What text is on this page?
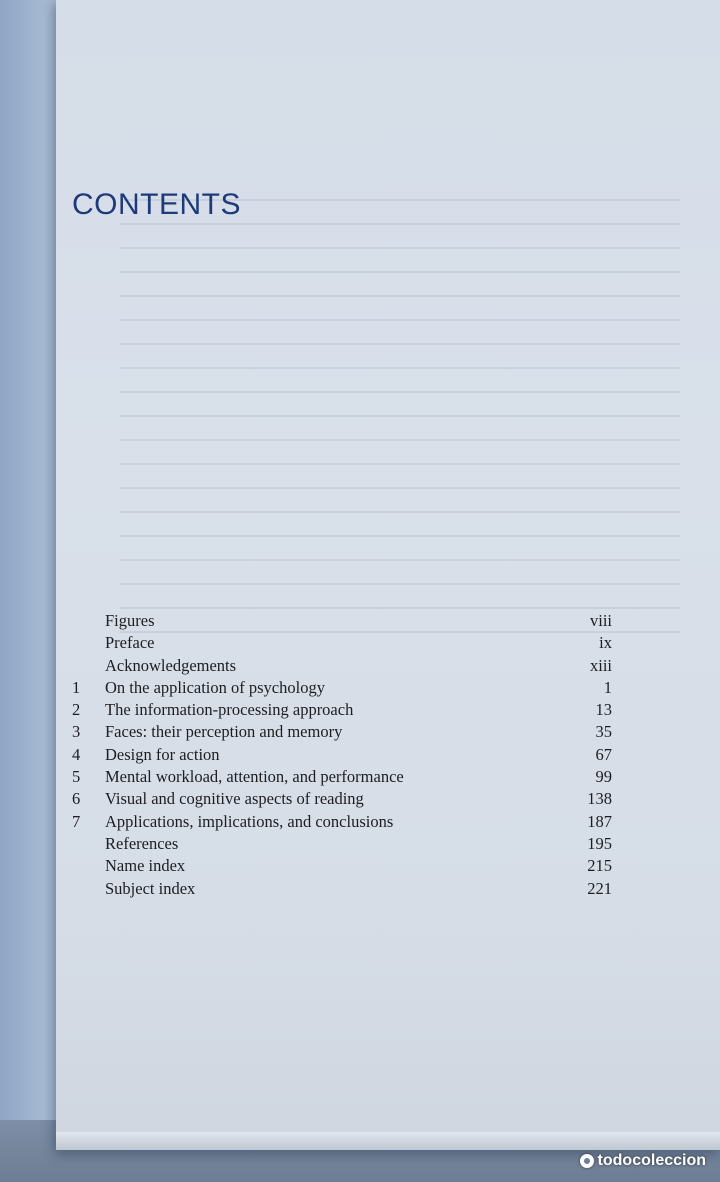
CONTENTS
Figures	viii
Preface	ix
Acknowledgements	xiii
1	On the application of psychology	1
2	The information-processing approach	13
3	Faces: their perception and memory	35
4	Design for action	67
5	Mental workload, attention, and performance	99
6	Visual and cognitive aspects of reading	138
7	Applications, implications, and conclusions	187
References	195
Name index	215
Subject index	221
todocoleccion
